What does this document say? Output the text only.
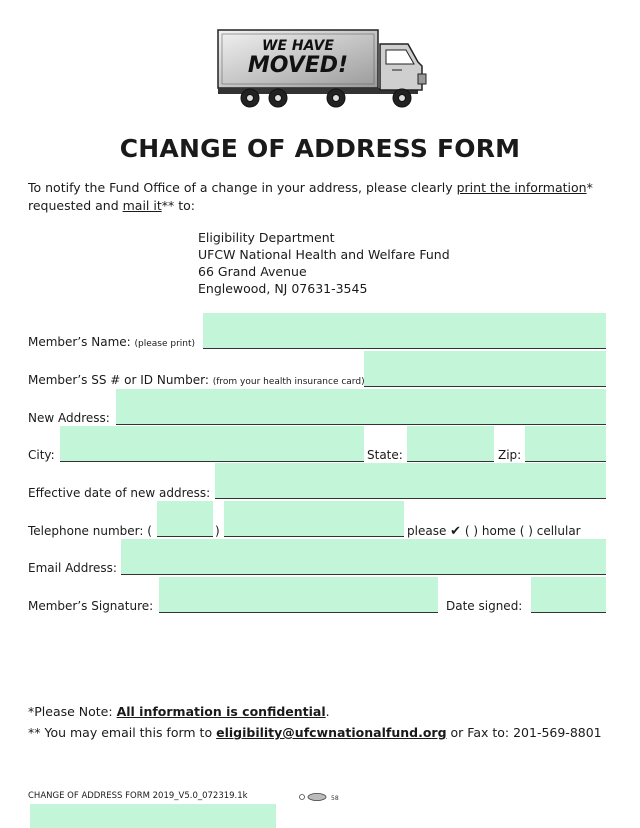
WE HAVE
MOVED!
CHANGE OF ADDRESS FORM
To notify the Fund Office of a change in your address, please clearly print the information* requested and mail it** to:
Eligibility Department
UFCW National Health and Welfare Fund
66 Grand Avenue
Englewood, NJ 07631-3545
Member’s Name: (please print)
Member’s SS # or ID Number: (from your health insurance card)
New Address:
City:	State:	Zip:
Effective date of new address:
Telephone number: (	)	please ✔ ( ) home ( ) cellular
Email Address:
Member’s Signature:	Date signed:
*Please Note: All information is confidential.
** You may email this form to eligibility@ufcwnationalfund.org or Fax to: 201-569-8801
CHANGE OF ADDRESS FORM 2019_V5.0_072319.1k	58
